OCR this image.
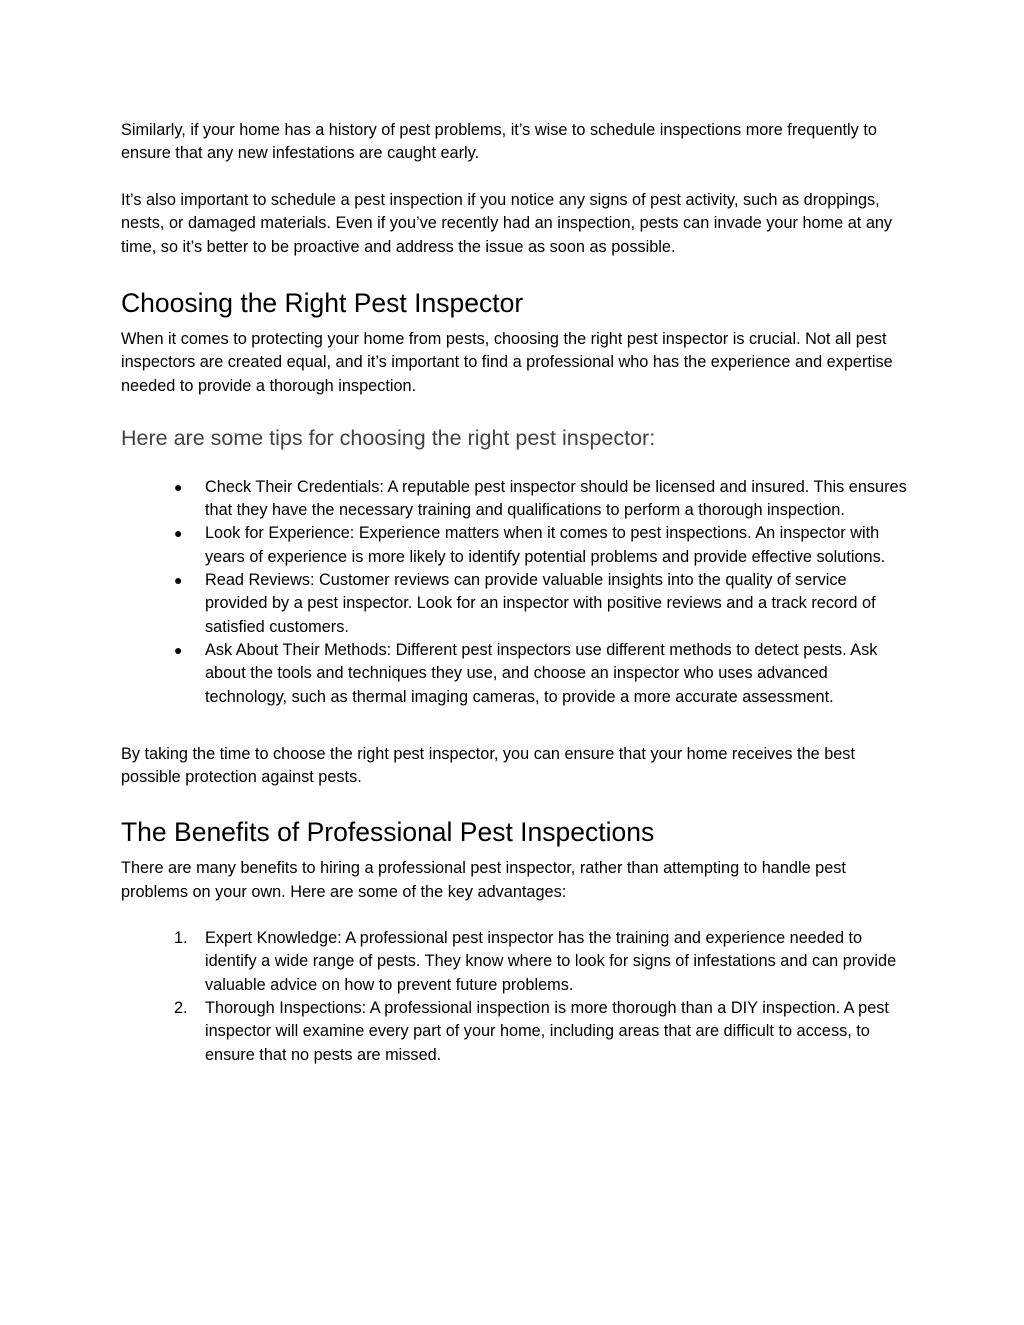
Similarly, if your home has a history of pest problems, it’s wise to schedule inspections more frequently to ensure that any new infestations are caught early.

It’s also important to schedule a pest inspection if you notice any signs of pest activity, such as droppings, nests, or damaged materials. Even if you’ve recently had an inspection, pests can invade your home at any time, so it’s better to be proactive and address the issue as soon as possible.

Choosing the Right Pest Inspector

When it comes to protecting your home from pests, choosing the right pest inspector is crucial. Not all pest inspectors are created equal, and it’s important to find a professional who has the experience and expertise needed to provide a thorough inspection.

Here are some tips for choosing the right pest inspector:
● Check Their Credentials: A reputable pest inspector should be licensed and insured. This ensures that they have the necessary training and qualifications to perform a thorough inspection.
● Look for Experience: Experience matters when it comes to pest inspections. An inspector with years of experience is more likely to identify potential problems and provide effective solutions.
● Read Reviews: Customer reviews can provide valuable insights into the quality of service provided by a pest inspector. Look for an inspector with positive reviews and a track record of satisfied customers.
● Ask About Their Methods: Different pest inspectors use different methods to detect pests. Ask about the tools and techniques they use, and choose an inspector who uses advanced technology, such as thermal imaging cameras, to provide a more accurate assessment.

By taking the time to choose the right pest inspector, you can ensure that your home receives the best possible protection against pests.

The Benefits of Professional Pest Inspections

There are many benefits to hiring a professional pest inspector, rather than attempting to handle pest problems on your own. Here are some of the key advantages:

1. Expert Knowledge: A professional pest inspector has the training and experience needed to identify a wide range of pests. They know where to look for signs of infestations and can provide valuable advice on how to prevent future problems.
2. Thorough Inspections: A professional inspection is more thorough than a DIY inspection. A pest inspector will examine every part of your home, including areas that are difficult to access, to ensure that no pests are missed.
